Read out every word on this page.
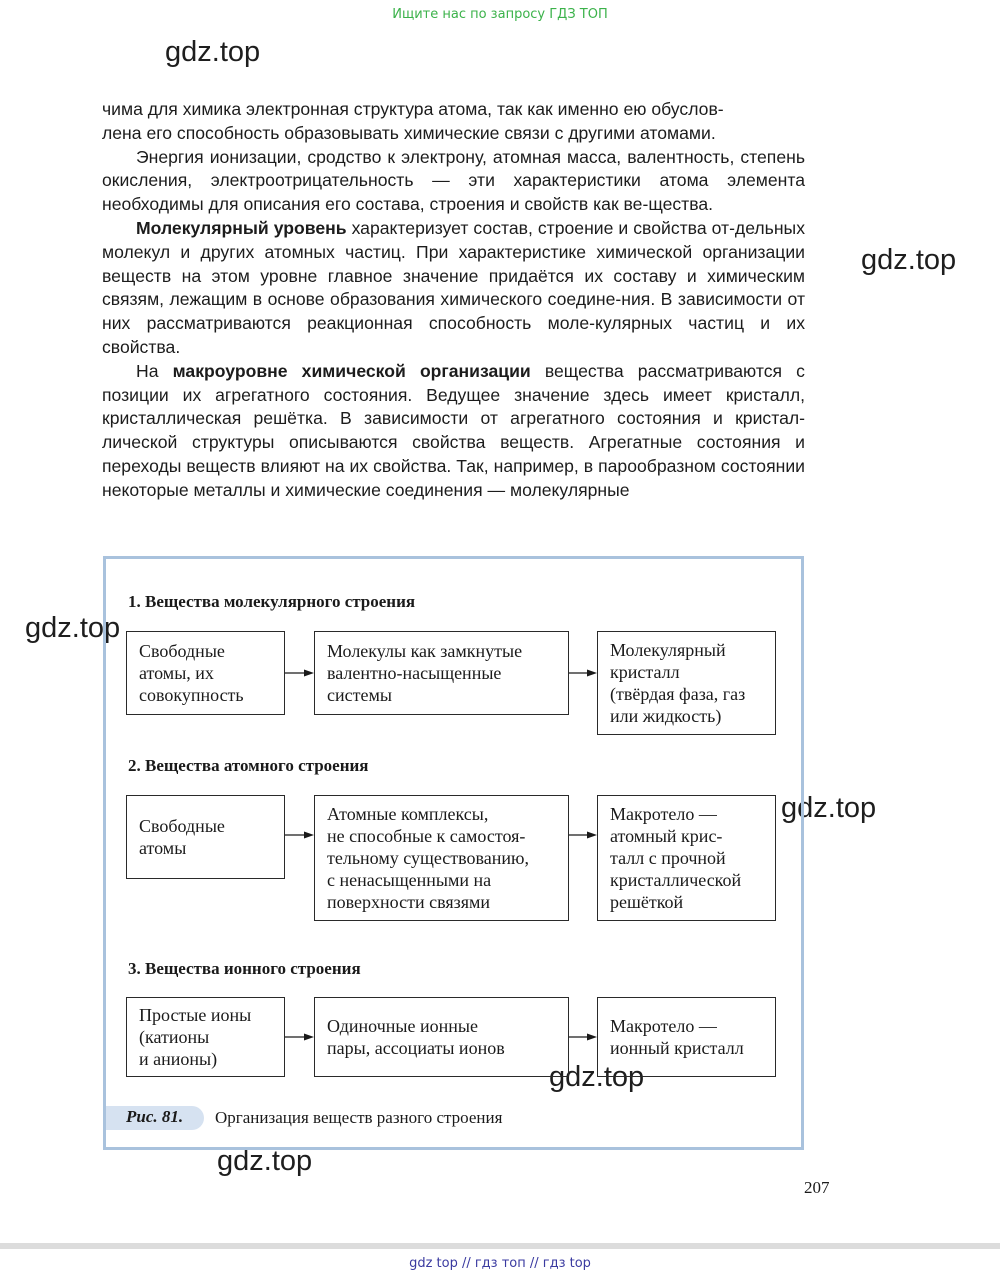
Ищите нас по запросу ГДЗ ТОП
gdz.top
gdz.top
gdz.top
gdz.top
gdz.top
gdz.top

чима для химика электронная структура атома, так как именно ею обуслов-
лена его способность образовывать химические связи с другими атомами.

Энергия ионизации, сродство к электрону, атомная масса, валентность, степень окисления, электроотрицательность — эти характеристики атома элемента необходимы для описания его состава, строения и свойств как ве-щества.

Молекулярный уровень характеризует состав, строение и свойства от-дельных молекул и других атомных частиц. При характеристике химической организации веществ на этом уровне главное значение придаётся их составу и химическим связям, лежащим в основе образования химического соедине-ния. В зависимости от них рассматриваются реакционная способность моле-кулярных частиц и их свойства.

На макроуровне химической организации вещества рассматриваются с позиции их агрегатного состояния. Ведущее значение здесь имеет кристалл, кристаллическая решётка. В зависимости от агрегатного состояния и кристал-лической структуры описываются свойства веществ. Агрегатные состояния и переходы веществ влияют на их свойства. Так, например, в парообразном состоянии некоторые металлы и химические соединения — молекулярные

1. Вещества молекулярного строения
Свободные
атомы, их
совокупность
Молекулы как замкнутые
валентно-насыщенные
системы
Молекулярный
кристалл
(твёрдая фаза, газ
или жидкость)
2. Вещества атомного строения
Свободные
атомы
Атомные комплексы,
не способные к самостоя-
тельному существованию,
с ненасыщенными на
поверхности связями
Макротело —
атомный крис-
талл с прочной
кристаллической
решёткой
3. Вещества ионного строения
Простые ионы
(катионы
и анионы)
Одиночные ионные
пары, ассоциаты ионов
Макротело —
ионный кристалл
Рис. 81. Организация веществ разного строения
207
gdz top // гдз топ // гдз top
